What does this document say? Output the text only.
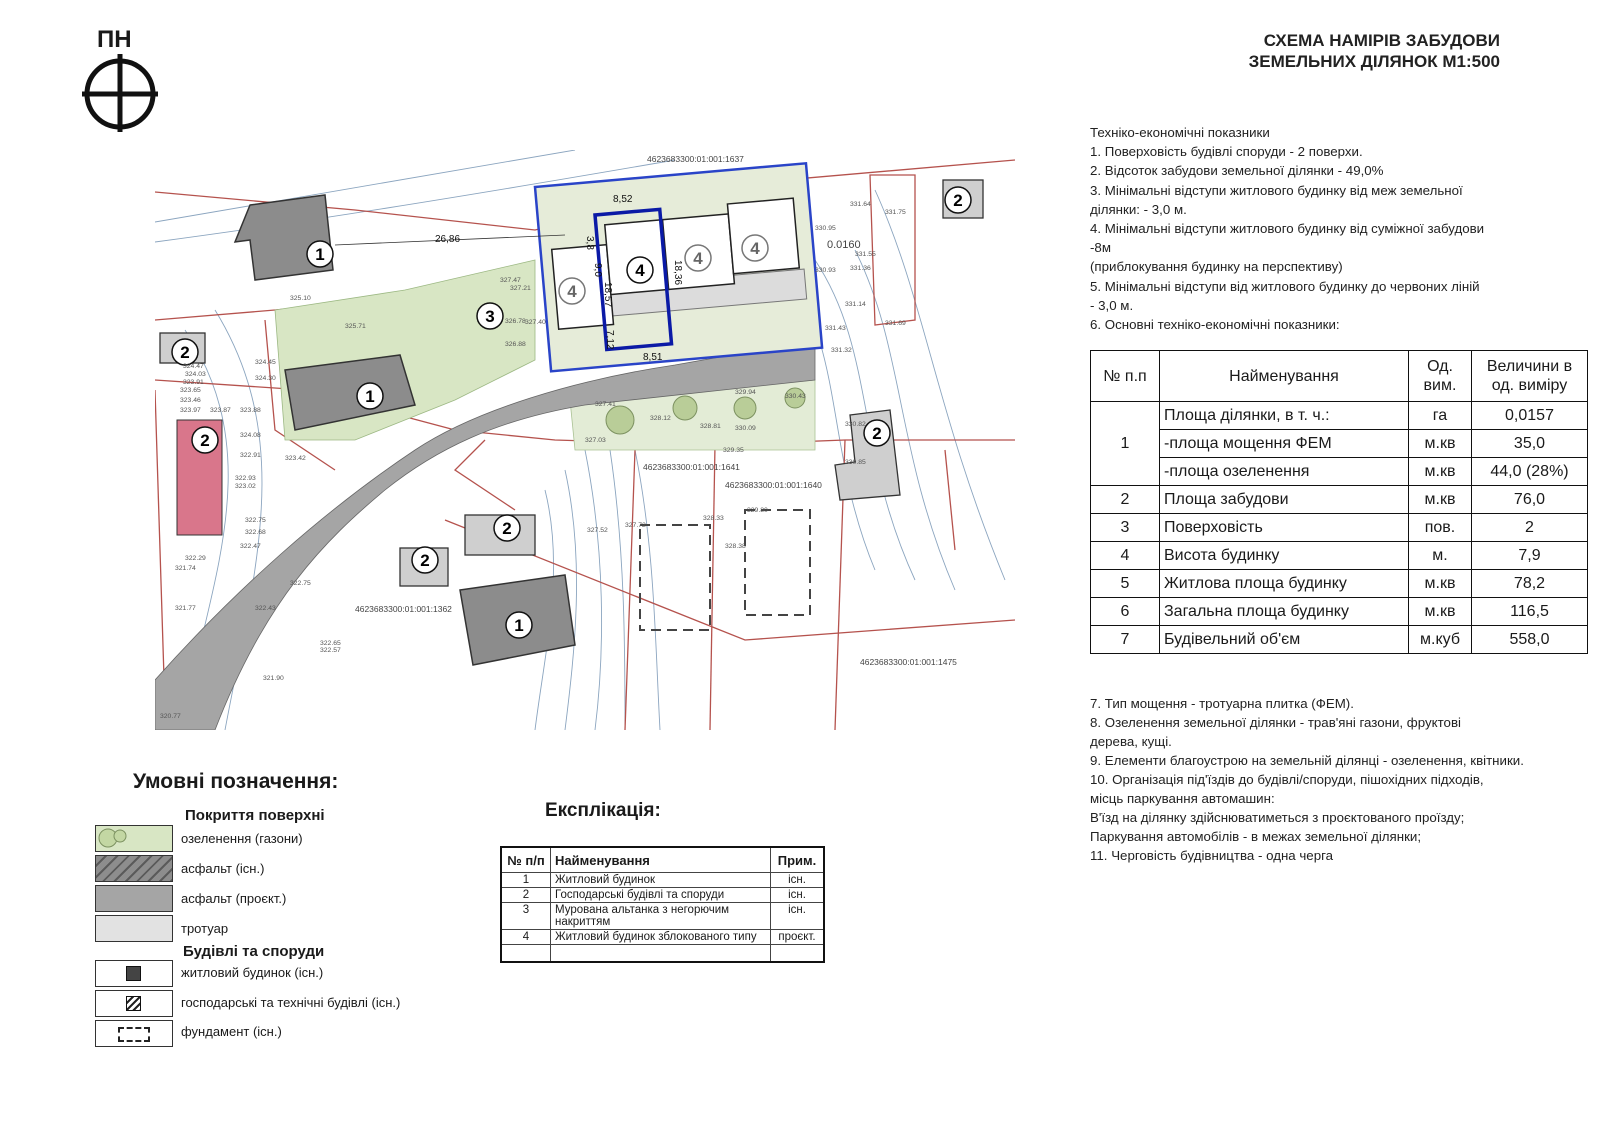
ПН	СХЕМА НАМІРІВ ЗАБУДОВИ
ЗЕМЕЛЬНИХ ДІЛЯНОК М1:500
1
1
1
2
2
2
2
2
2
3
4
4
4
4
26,86
8,52
3,8
9,0
18,57
18,36
7,12
8,51
4623683300:01:001:1637
4623683300:01:001:1641
4623683300:01:001:1640
4623683300:01:001:1362
4623683300:01:001:1475
0.0160
325.10
325.71
324.47
324.03
323.91
323.65
323.46
323.97 323.87
324.45
324.30
323.88
324.08
322.91	323.42
322.93
323.02
322.75
322.68
322.47
322.43
322.29
321.74
321.77
322.75
322.65
322.57
321.90
320.77
327.72
328.33
328.38
327.52
329.80
327.41
327.03
328.12
328.81
329.35
329.94
330.09
330.43
330.82
330.85
331.64
331.75
331.55
331.36
331.14
331.43
331.32
331.69
330.95
330.93
327.21
327.47
326.78
326.88
327.40
Техніко-економічні показники
1. Поверховість будівлі споруди - 2 поверхи.
2. Відсоток забудови земельної ділянки - 49,0%
3. Мінімальні відступи житлового будинку від меж земельної
ділянки: - 3,0 м.
4. Мінімальні відступи житлового будинку від суміжної забудови
-8м
(приблокування будинку на перспективу)
5. Мінімальні відступи від житлового будинку до червоних ліній
- 3,0 м.
6. Основні техніко-економічні показники:
№ п.п	Найменування	Од. вим.	Величини в од. виміру
1	Площа ділянки, в т. ч.:	га	0,0157
	-площа мощення ФЕМ	м.кв	35,0
	-площа озеленення	м.кв	44,0 (28%)
2	Площа забудови	м.кв	76,0
3	Поверховість	пов.	2
4	Висота будинку	м.	7,9
5	Житлова площа будинку	м.кв	78,2
6	Загальна площа будинку	м.кв	116,5
7	Будівельний об'єм	м.куб	558,0
7. Тип мощення - тротуарна плитка (ФЕМ).
8. Озеленення земельної ділянки - трав'яні газони, фруктові
дерева, кущі.
9. Елементи благоустрою на земельній ділянці - озеленення, квітники.
10. Організація під'їздів до будівлі/споруди, пішохідних підходів,
місць паркування автомашин:
В'їзд на ділянку здійснюватиметься з проєктованого проїзду;
Паркування автомобілів - в межах земельної ділянки;
11. Черговість будівництва - одна черга
Умовні позначення:
Покриття поверхні
озеленення (газони)
асфальт (існ.)
асфальт (проєкт.)
тротуар
Будівлі та споруди
житловий будинок (існ.)
господарські та технічні будівлі (існ.)
фундамент (існ.)
Експлікація:
№ п/п	Найменування	Прим.
1	Житловий будинок	існ.
2	Господарські будівлі та споруди	існ.
3	Мурована альтанка з негорючим накриттям	існ.
4	Житловий будинок зблокованого типу	проєкт.
